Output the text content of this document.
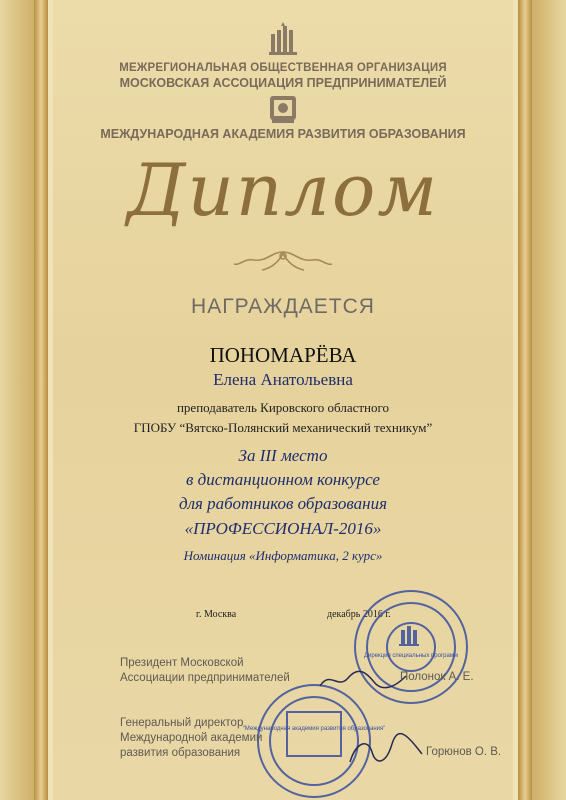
МЕЖРЕГИОНАЛЬНАЯ ОБЩЕСТВЕННАЯ ОРГАНИЗАЦИЯ
МОСКОВСКАЯ АССОЦИАЦИЯ ПРЕДПРИНИМАТЕЛЕЙ
МЕЖДУНАРОДНАЯ АКАДЕМИЯ РАЗВИТИЯ ОБРАЗОВАНИЯ
Диплом
НАГРАЖДАЕТСЯ
ПОНОМАРЁВА
Елена Анатольевна
преподаватель Кировского областного
ГПОБУ “Вятско-Полянский механический техникум”
За III место
в дистанционном конкурсе
для работников образования
«ПРОФЕССИОНАЛ-2016»
Номинация «Информатика, 2 курс»
г. Москва	декабрь 2016 г.
Дирекция специальных программ
“Международная академия развития образования”
Президент Московской
Ассоциации предпринимателей	Полонок А. Е.
Генеральный директор
Международной академии
развития образования	Горюнов О. В.
